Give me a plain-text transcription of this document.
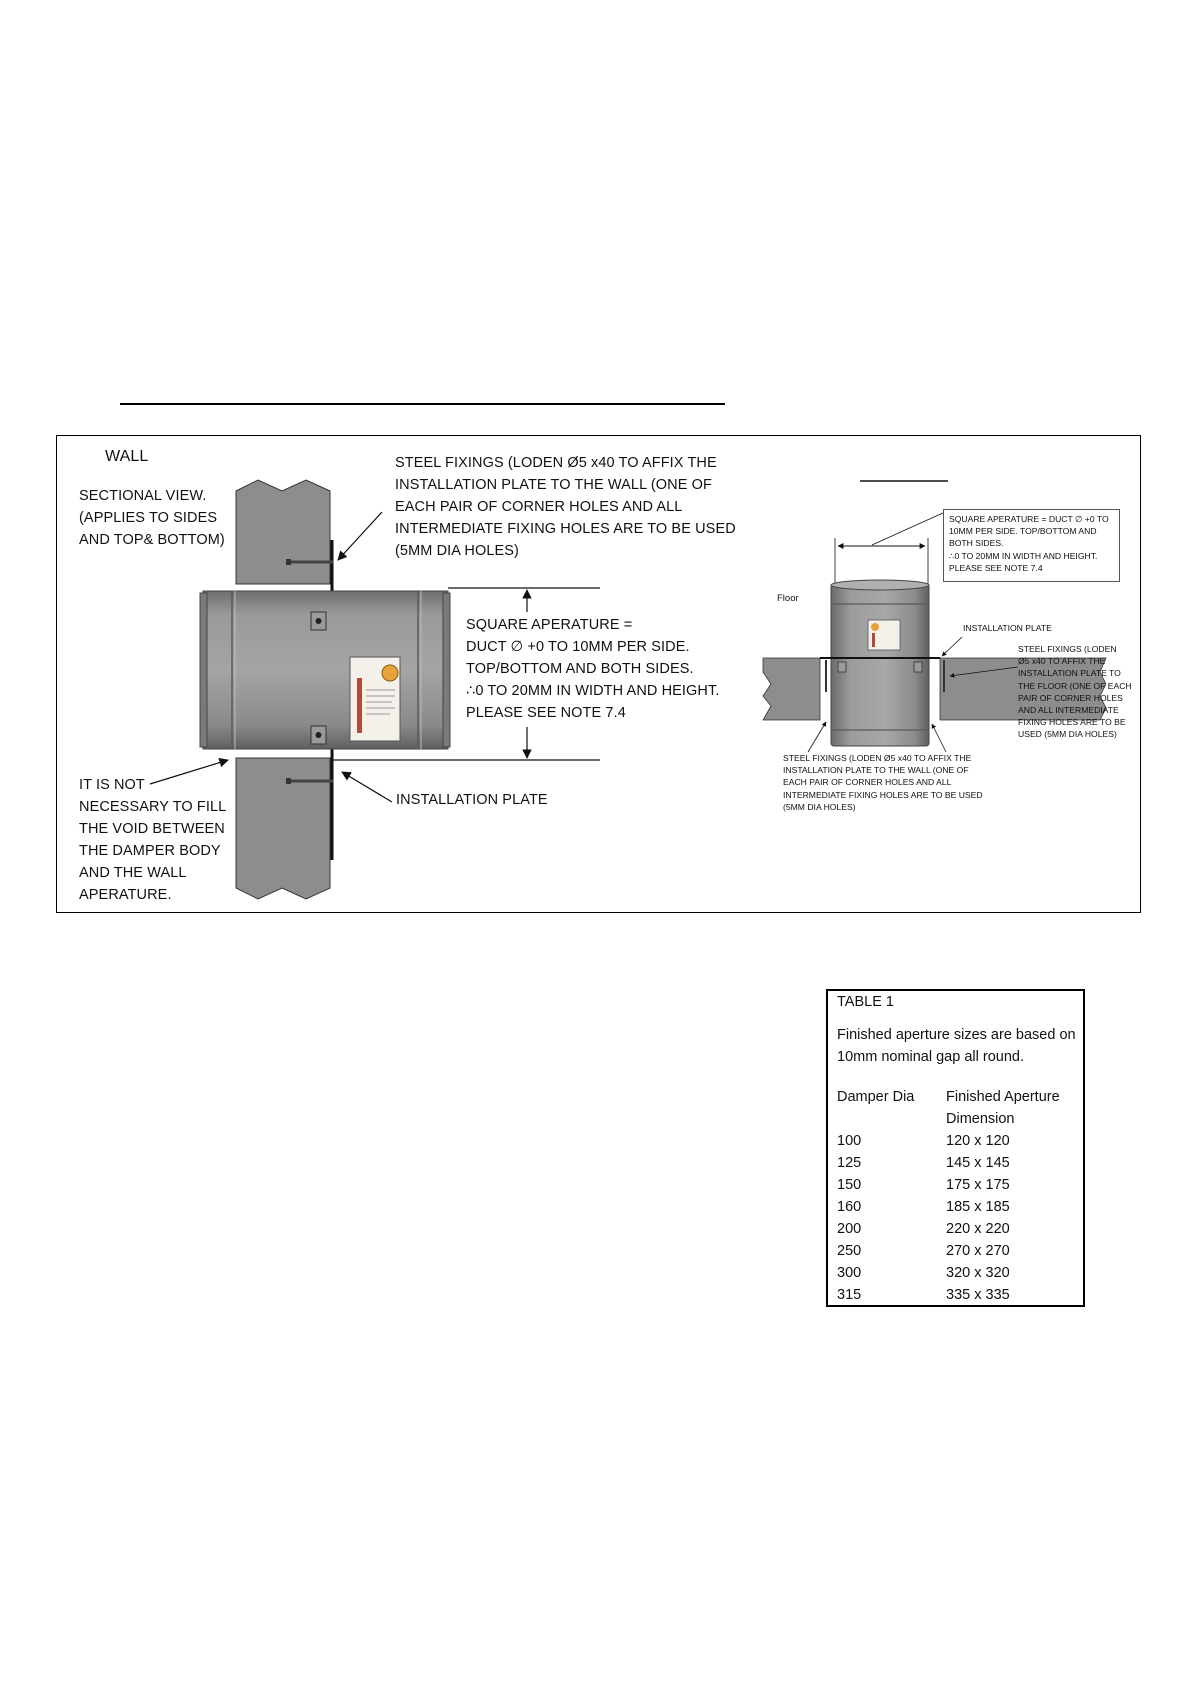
WALL
SECTIONAL VIEW.
(APPLIES TO SIDES
AND TOP& BOTTOM)
STEEL FIXINGS (LODEN Ø5 x40 TO AFFIX THE
INSTALLATION PLATE TO THE WALL (ONE OF
EACH PAIR OF CORNER HOLES AND ALL
INTERMEDIATE FIXING HOLES ARE TO BE USED
(5MM DIA HOLES)
SQUARE APERATURE =
DUCT ∅ +0 TO 10MM PER SIDE.
TOP/BOTTOM AND BOTH SIDES.
∴0 TO 20MM IN WIDTH AND HEIGHT.
PLEASE SEE NOTE 7.4
IT IS NOT
NECESSARY TO FILL
THE VOID BETWEEN
THE DAMPER BODY
AND THE WALL
APERATURE.
INSTALLATION PLATE
SQUARE APERATURE = DUCT ∅ +0 TO
10MM PER SIDE. TOP/BOTTOM AND
BOTH SIDES.
∴0 TO 20MM IN WIDTH AND HEIGHT.
PLEASE SEE NOTE 7.4
Floor
INSTALLATION PLATE
STEEL FIXINGS (LODEN
Ø5 x40 TO AFFIX THE
INSTALLATION PLATE TO
THE FLOOR (ONE OF EACH
PAIR OF CORNER HOLES
AND ALL INTERMEDIATE
FIXING HOLES ARE TO BE
USED (5MM DIA HOLES)
STEEL FIXINGS (LODEN Ø5 x40 TO AFFIX THE
INSTALLATION PLATE TO THE WALL (ONE OF
EACH PAIR OF CORNER HOLES AND ALL
INTERMEDIATE FIXING HOLES ARE TO BE USED
(5MM DIA HOLES)
TABLE 1
Finished aperture sizes are based on
10mm nominal gap all round.
Damper Dia Finished Aperture
Dimension
100	120 x 120
125	145 x 145
150	175 x 175
160	185 x 185
200	220 x 220
250	270 x 270
300	320 x 320
315	335 x 335
